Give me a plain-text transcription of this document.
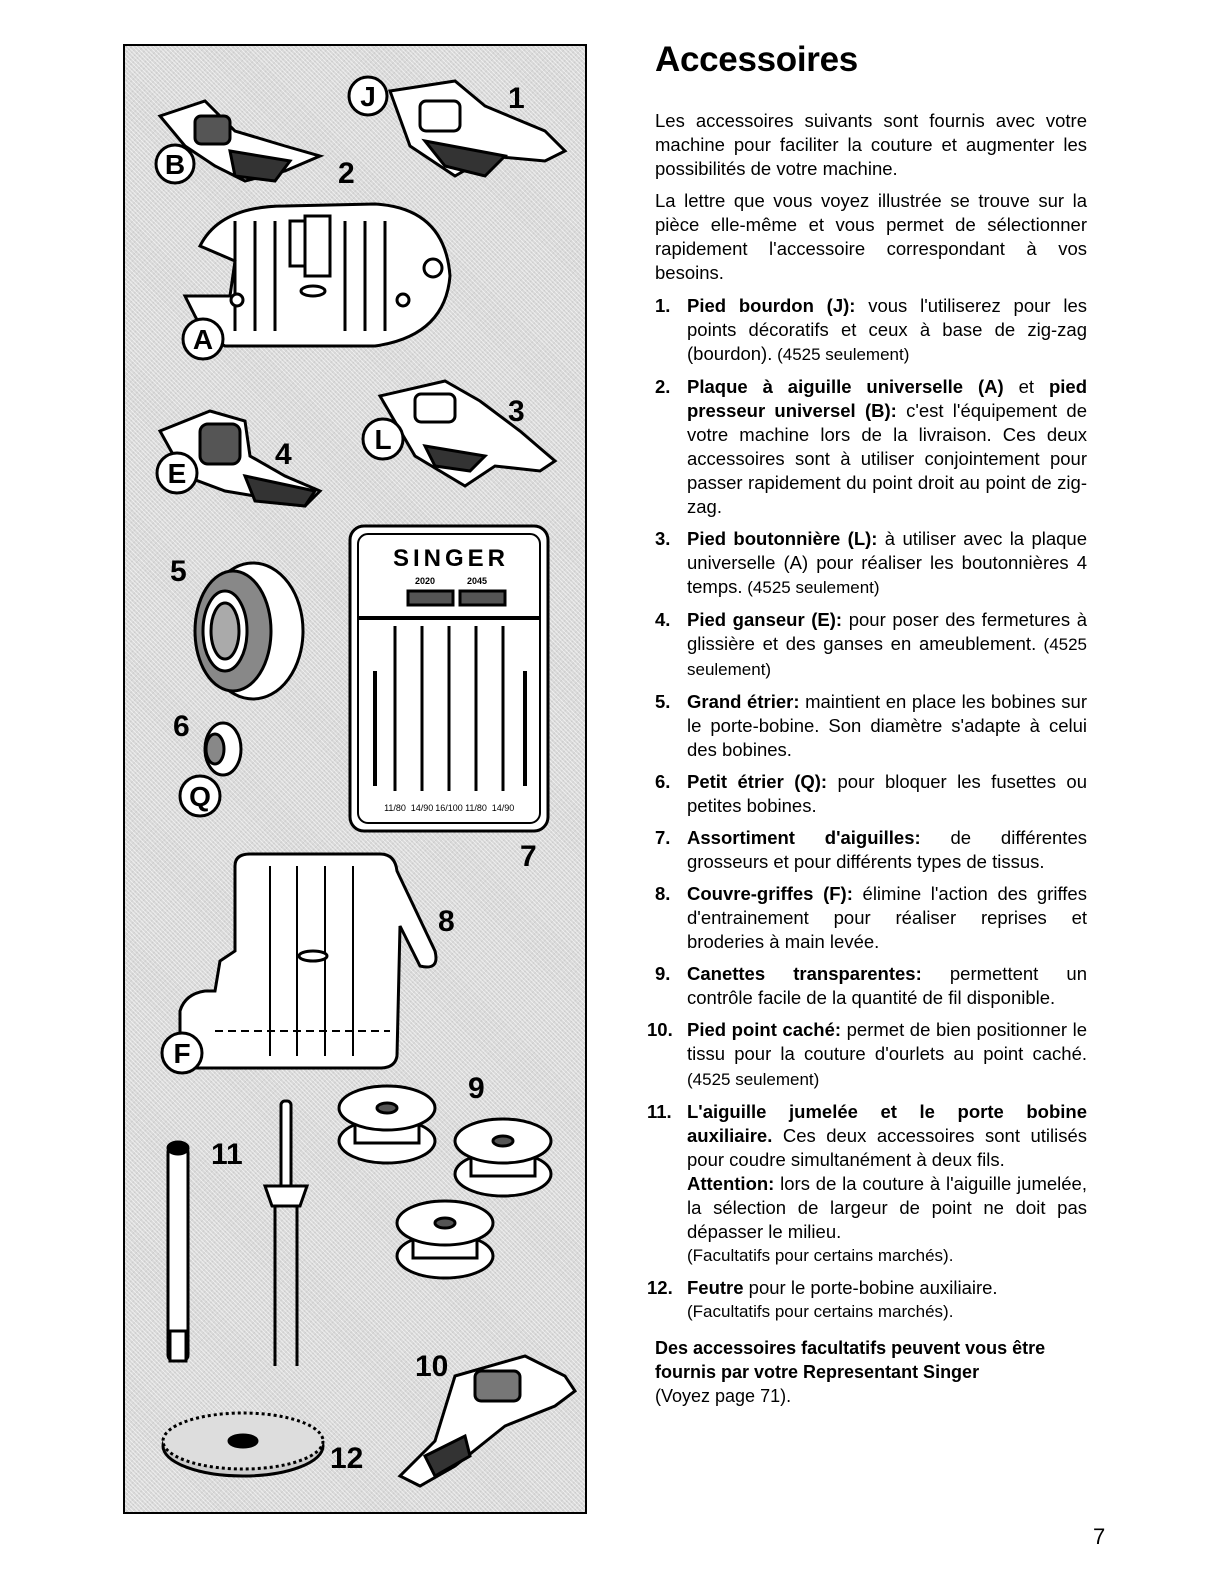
J	1
B	2
A
L
3
E
4
5
6
Q
SINGER
2020	2045
11/80 14/90 16/100 11/80 14/90
7
8
F
9
11
10
12
Accessoires

Les accessoires suivants sont fournis avec votre machine pour faciliter la couture et augmenter les possibilités de votre machine.

La lettre que vous voyez illustrée se trouve sur la pièce elle-même et vous permet de sélectionner rapidement l'accessoire correspondant à vos besoins.

1. Pied bourdon (J): vous l'utiliserez pour les points décoratifs et ceux à base de zig-zag (bourdon). (4525 seulement)
2. Plaque à aiguille universelle (A) et pied presseur universel (B): c'est l'équipement de votre machine lors de la livraison. Ces deux accessoires sont à utiliser conjointement pour passer rapidement du point droit au point de zig-zag.
3. Pied boutonnière (L): à utiliser avec la plaque universelle (A) pour réaliser les boutonnières 4 temps. (4525 seulement)
4. Pied ganseur (E): pour poser des fermetures à glissière et des ganses en ameublement. (4525 seulement)
5. Grand étrier: maintient en place les bobines sur le porte-bobine. Son diamètre s'adapte à celui des bobines.
6. Petit étrier (Q): pour bloquer les fusettes ou petites bobines.
7. Assortiment d'aiguilles: de différentes grosseurs et pour différents types de tissus.
8. Couvre-griffes (F): élimine l'action des griffes d'entrainement pour réaliser reprises et broderies à main levée.
9. Canettes transparentes: permettent un contrôle facile de la quantité de fil disponible.
10. Pied point caché: permet de bien positionner le tissu pour la couture d'ourlets au point caché. (4525 seulement)
11. L'aiguille jumelée et le porte bobine auxiliaire. Ces deux accessoires sont utilisés pour coudre simultanément à deux fils.
Attention: lors de la couture à l'aiguille jumelée, la sélection de largeur de point ne doit pas dépasser le milieu.
(Facultatifs pour certains marchés).
12. Feutre pour le porte-bobine auxiliaire.
(Facultatifs pour certains marchés).
Des accessoires facultatifs peuvent vous être fournis par votre Representant Singer
(Voyez page 71).
7
